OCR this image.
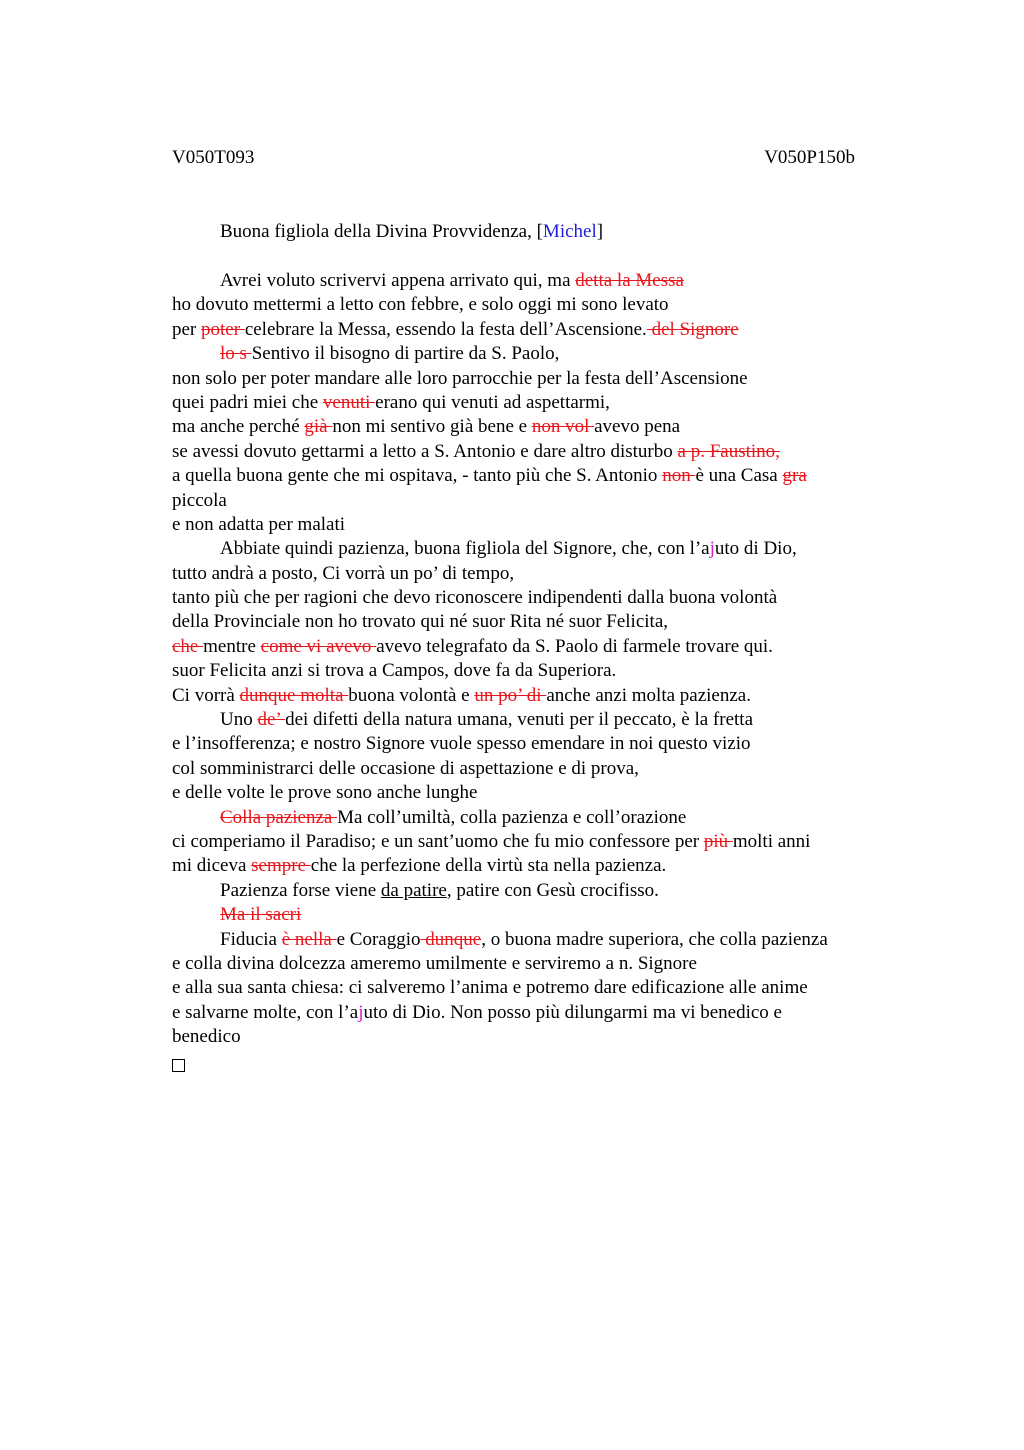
V050T093	V050P150b
Buona figliola della Divina Provvidenza, [Michel]
Avrei voluto scrivervi appena arrivato qui, ma detta la Messa
ho dovuto mettermi a letto con febbre, e solo oggi mi sono levato
per poter celebrare la Messa, essendo la festa dell’Ascensione. del Signore
lo s Sentivo il bisogno di partire da S. Paolo,
non solo per poter mandare alle loro parrocchie per la festa dell’Ascensione
quei padri miei che venuti erano qui venuti ad aspettarmi,
ma anche perché già non mi sentivo già bene e non vol avevo pena
se avessi dovuto gettarmi a letto a S. Antonio e dare altro disturbo a p. Faustino,
a quella buona gente che mi ospitava, - tanto più che S. Antonio non è una Casa gra
piccola
e non adatta per malati
Abbiate quindi pazienza, buona figliola del Signore, che, con l’ajuto di Dio,
tutto andrà a posto, Ci vorrà un po’ di tempo,
tanto più che per ragioni che devo riconoscere indipendenti dalla buona volontà
della Provinciale non ho trovato qui né suor Rita né suor Felicita,
che mentre come vi avevo avevo telegrafato da S. Paolo di farmele trovare qui.
suor Felicita anzi si trova a Campos, dove fa da Superiora.
Ci vorrà dunque molta buona volontà e un po’ di anche anzi molta pazienza.
Uno de’ dei difetti della natura umana, venuti per il peccato, è la fretta
e l’insofferenza; e nostro Signore vuole spesso emendare in noi questo vizio
col somministrarci delle occasione di aspettazione e di prova,
e delle volte le prove sono anche lunghe
Colla pazienza Ma coll’umiltà, colla pazienza e coll’orazione
ci comperiamo il Paradiso; e un sant’uomo che fu mio confessore per più molti anni
mi diceva sempre che la perfezione della virtù sta nella pazienza.
Pazienza forse viene da patire, patire con Gesù crocifisso.
Ma il sacri
Fiducia è nella e Coraggio dunque, o buona madre superiora, che colla pazienza
e colla divina dolcezza ameremo umilmente e serviremo a n. Signore
e alla sua santa chiesa: ci salveremo l’anima e potremo dare edificazione alle anime
e salvarne molte, con l’ajuto di Dio. Non posso più dilungarmi ma vi benedico e
benedico
